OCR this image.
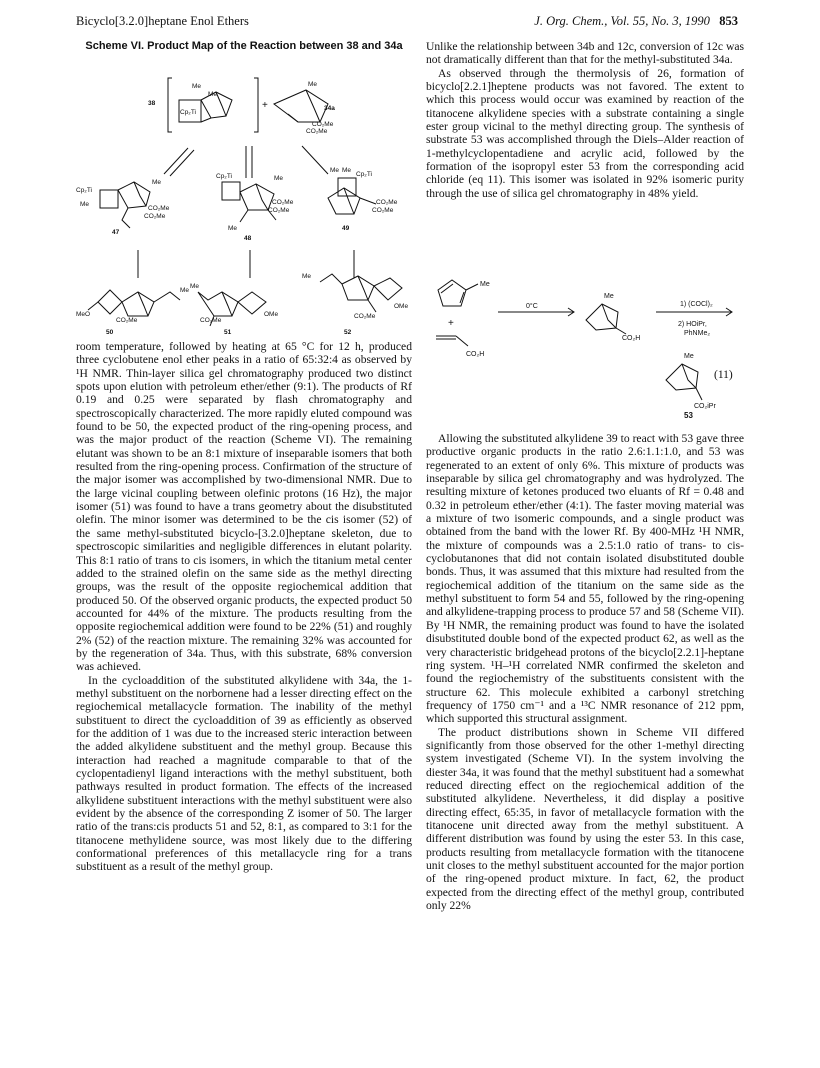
Bicyclo[3.2.0]heptane Enol Ethers	J. Org. Chem., Vol. 55, No. 3, 1990 853
Scheme VI. Product Map of the Reaction between 38 and 34a
38
Cp₂Ti
Me
Me
+
Me
34a
CO₂Me
CO₂Me
Cp₂Ti
Me
Me
CO₂Me
CO₂Me
47
Cp₂Ti	Me
CO₂Me
CO₂Me
Me
48
Me Me
Cp₂Ti
CO₂Me
CO₂Me
49
MeO
CO₂Me
Me
50
Me
CO₂Me
OMe
51
Me
CO₂Me
OMe
52

room temperature, followed by heating at 65 °C for 12 h, produced three cyclobutene enol ether peaks in a ratio of 65:32:4 as observed by ¹H NMR. Thin-layer silica gel chromatography produced two distinct spots upon elution with petroleum ether/ether (9:1). The products of Rf 0.19 and 0.25 were separated by flash chromatography and spectroscopically characterized. The more rapidly eluted compound was found to be 50, the expected product of the ring-opening process, and was the major product of the reaction (Scheme VI). The remaining elutant was shown to be an 8:1 mixture of inseparable isomers that both resulted from the ring-opening process. Confirmation of the structure of the major isomer was accomplished by two-dimensional NMR. Due to the large vicinal coupling between olefinic protons (16 Hz), the major isomer (51) was found to have a trans geometry about the disubstituted olefin. The minor isomer was determined to be the cis isomer (52) of the same methyl-substituted bicyclo-[3.2.0]heptane skeleton, due to spectroscopic similarities and negligible differences in elutant polarity. This 8:1 ratio of trans to cis isomers, in which the titanium metal center added to the strained olefin on the same side as the methyl directing groups, was the result of the opposite regiochemical addition that produced 50. Of the observed organic products, the expected product 50 accounted for 44% of the mixture. The products resulting from the opposite regiochemical addition were found to be 22% (51) and roughly 2% (52) of the reaction mixture. The remaining 32% was accounted for by the regeneration of 34a. Thus, with this substrate, 68% conversion was achieved.

In the cycloaddition of the substituted alkylidene with 34a, the 1-methyl substituent on the norbornene had a lesser directing effect on the regiochemical metallacycle formation. The inability of the methyl substituent to direct the cycloaddition of 39 as efficiently as observed for the addition of 1 was due to the increased steric interaction between the added alkylidene substituent and the methyl group. Because this interaction had reached a magnitude comparable to that of the cyclopentadienyl ligand interactions with the methyl substituent, both pathways resulted in product formation. The effects of the increased alkylidene substituent interactions with the methyl substituent were also evident by the absence of the corresponding Z isomer of 50. The larger ratio of the trans:cis products 51 and 52, 8:1, as compared to 3:1 for the titanocene methylidene source, was most likely due to the differing conformational preferences of this metallacycle ring for a trans substituent as a result of the methyl group.

Unlike the relationship between 34b and 12c, conversion of 12c was not dramatically different than that for the methyl-substituted 34a.

As observed through the thermolysis of 26, formation of bicyclo[2.2.1]heptene products was not favored. The extent to which this process would occur was examined by reaction of the titanocene alkylidene species with a substrate containing a single ester group vicinal to the methyl directing group. The synthesis of substrate 53 was accomplished through the Diels–Alder reaction of 1-methylcyclopentadiene and acrylic acid, followed by the formation of the isopropyl ester 53 from the corresponding acid chloride (eq 11). This isomer was isolated in 92% isomeric purity through the use of silica gel chromatography in 48% yield.

Me
+
CO₂H
0°C
Me
CO₂H
1) (COCl)₂
2) HOiPr,
PhNMe₂
Me
CO₂iPr
53
(11)

Allowing the substituted alkylidene 39 to react with 53 gave three productive organic products in the ratio 2.6:1.1:1.0, and 53 was regenerated to an extent of only 6%. This mixture of products was inseparable by silica gel chromatography and was hydrolyzed. The resulting mixture of ketones produced two eluants of Rf = 0.48 and 0.32 in petroleum ether/ether (4:1). The faster moving material was a mixture of two isomeric compounds, and a single product was obtained from the band with the lower Rf. By 400-MHz ¹H NMR, the mixture of compounds was a 2.5:1.0 ratio of trans- to cis-cyclobutanones that did not contain isolated disubstituted double bonds. Thus, it was assumed that this mixture had resulted from the regiochemical addition of the titanium on the same side as the methyl substituent to form 54 and 55, followed by the ring-opening and alkylidene-trapping process to produce 57 and 58 (Scheme VII). By ¹H NMR, the remaining product was found to have the isolated disubstituted double bond of the expected product 62, as well as the very characteristic bridgehead protons of the bicyclo[2.2.1]-heptane ring system. ¹H–¹H correlated NMR confirmed the skeleton and found the regiochemistry of the substituents consistent with the structure 62. This molecule exhibited a carbonyl stretching frequency of 1750 cm⁻¹ and a ¹³C NMR resonance of 212 ppm, which supported this structural assignment.

The product distributions shown in Scheme VII differed significantly from those observed for the other 1-methyl directing system investigated (Scheme VI). In the system involving the diester 34a, it was found that the methyl substituent had a somewhat reduced directing effect on the regiochemical addition of the substituted alkylidene. Nevertheless, it did display a positive directing effect, 65:35, in favor of metallacycle formation with the titanocene unit directed away from the methyl substituent. A different distribution was found by using the ester 53. In this case, products resulting from metallacycle formation with the titanocene unit closes to the methyl substituent accounted for the major portion of the ring-opened product mixture. In fact, 62, the product expected from the directing effect of the methyl group, contributed only 22%
